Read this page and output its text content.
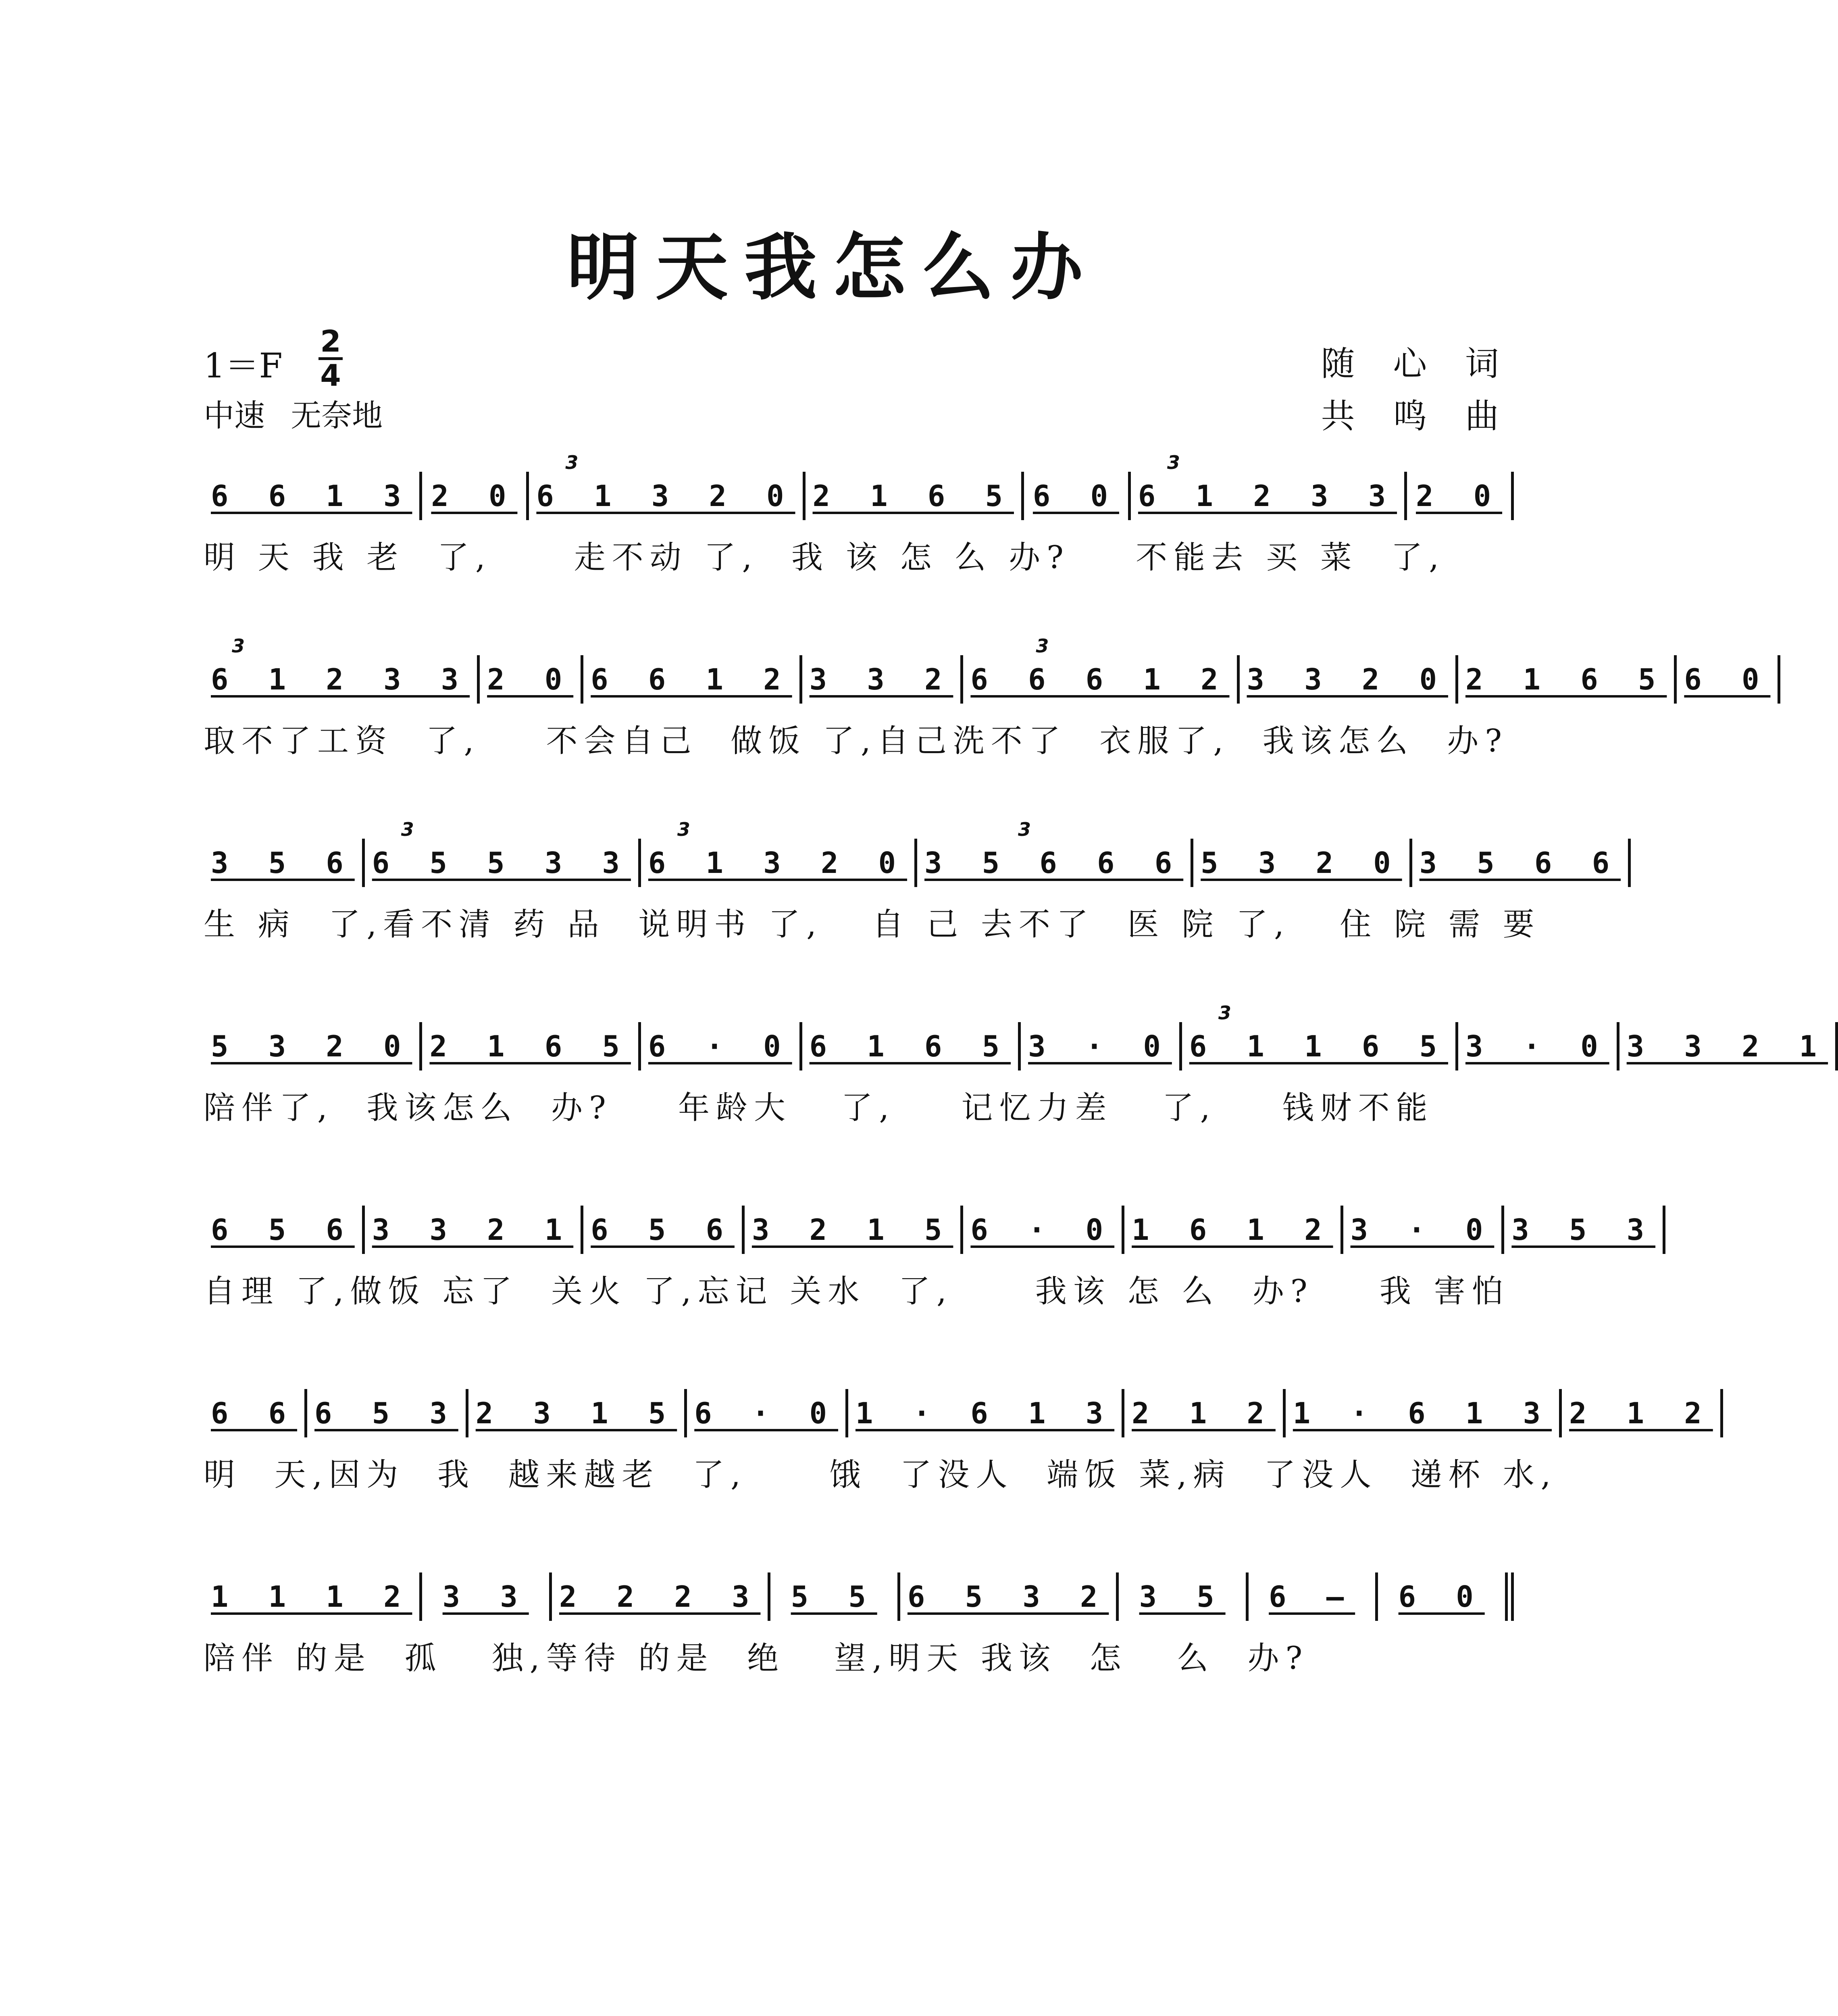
明天我怎么办
1＝F
2
4
中速 无奈地
随 心 词
共 鸣 曲
6 6 1 3 2 0
3
6 1 3 2 0 2 1 6 5 6 0
3
6 1 2 3 3 2 0
明 天 我 老  了,     走不动 了,  我 该 怎 么 办?    不能去 买 菜  了,
3
6 1 2 3 3 2 0 6 6 1 2 3 3 2
3
6 6 6 1 2 3 3 2 0 2 1 6 5 6 0
取不了工资  了,    不会自己  做饭 了,自己洗不了  衣服了,  我该怎么  办?
3 5 6
3
6 5 5 3 3
3
6 1 3 2 0
3
3 5 6 6 6 5 3 2 0 3 5 6 6
生 病  了,看不清 药 品  说明书 了,   自 己 去不了  医 院 了,   住 院 需 要
5 3 2 0 2 1 6 5 6 · 0 6 1 6 5 3 · 0
3
6 1 1 6 5 3 · 0 3 3 2 1
陪伴了,  我该怎么  办?    年龄大   了,    记忆力差   了,    钱财不能
6 5 6 3 3 2 1 6 5 6 3 2 1 5 6 · 0 1 6 1 2 3 · 0 3 5 3
自理 了,做饭 忘了  关火 了,忘记 关水  了,     我该 怎 么  办?    我 害怕
6 6 6 5 3 2 3 1 5 6 · 0 1 · 6 1 3 2 1 2 1 · 6 1 3 2 1 2
明  天,因为  我  越来越老  了,     饿  了没人  端饭 菜,病  了没人  递杯 水,
1 1 1 2 3 3 2 2 2 3 5 5 6 5 3 2 3 5 6 – 6 0
陪伴 的是  孤   独,等待 的是  绝   望,明天 我该  怎   么  办?
